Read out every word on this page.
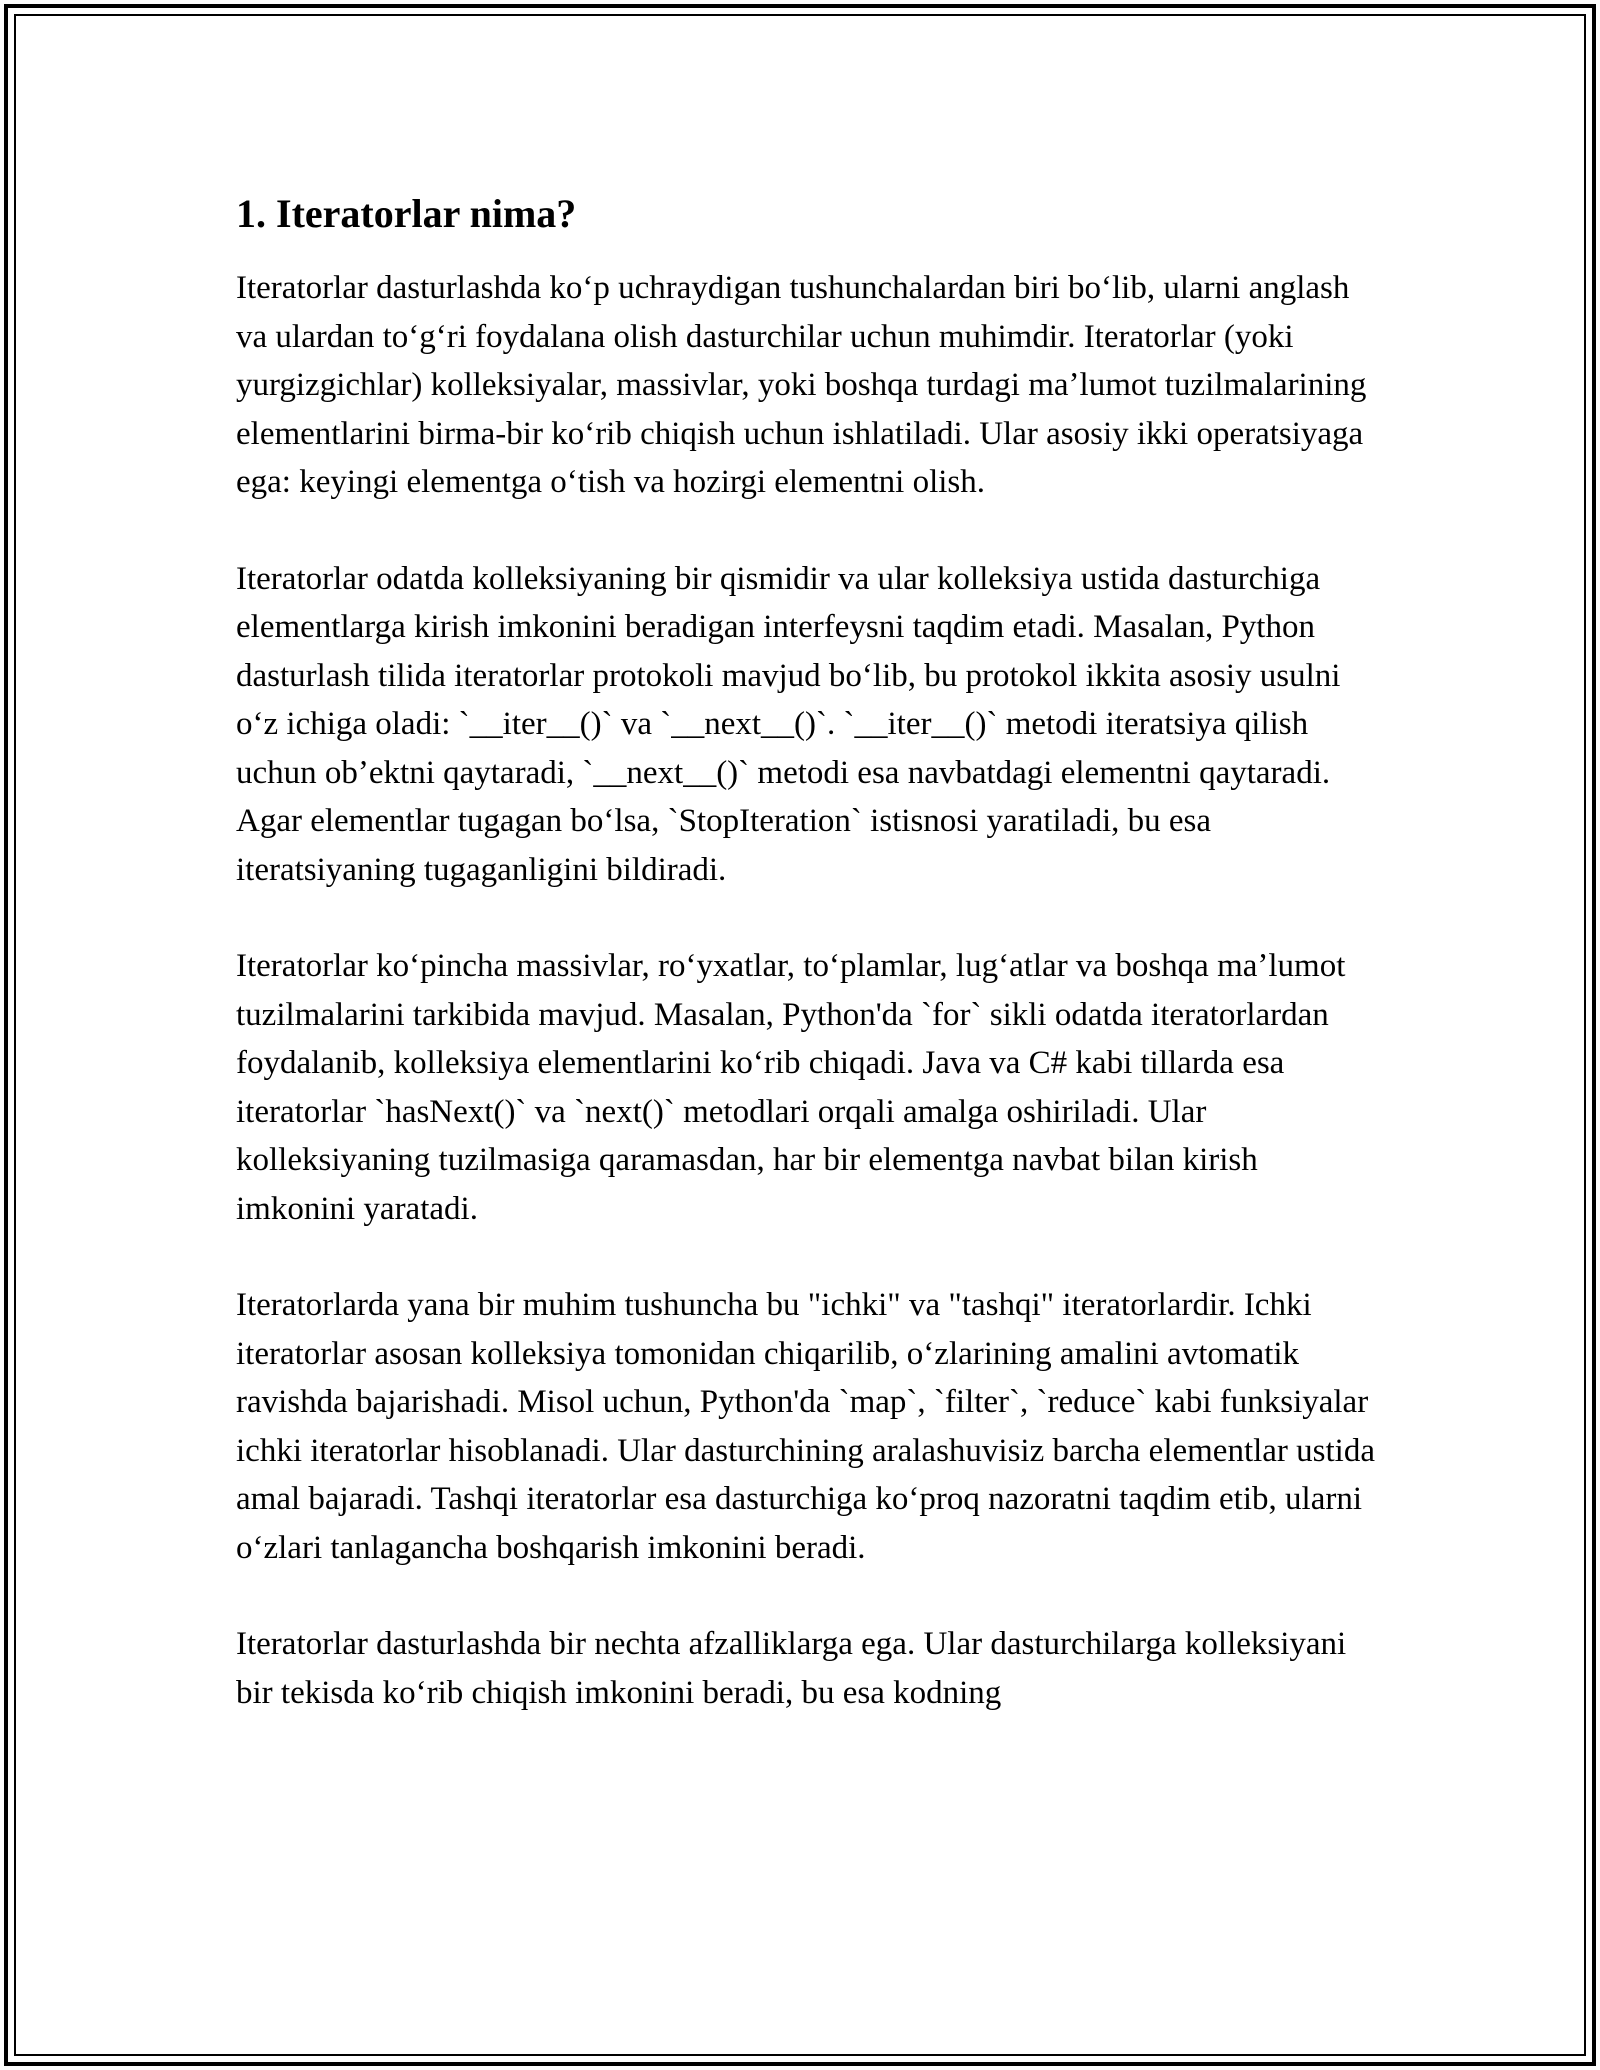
1. Iteratorlar nima?

Iteratorlar dasturlashda koʻp uchraydigan tushunchalardan biri boʻlib, ularni anglash va ulardan toʻgʻri foydalana olish dasturchilar uchun muhimdir. Iteratorlar (yoki yurgizgichlar) kolleksiyalar, massivlar, yoki boshqa turdagi maʼlumot tuzilmalarining elementlarini birma-bir koʻrib chiqish uchun ishlatiladi. Ular asosiy ikki operatsiyaga ega: keyingi elementga oʻtish va hozirgi elementni olish.

Iteratorlar odatda kolleksiyaning bir qismidir va ular kolleksiya ustida dasturchiga elementlarga kirish imkonini beradigan interfeysni taqdim etadi. Masalan, Python dasturlash tilida iteratorlar protokoli mavjud boʻlib, bu protokol ikkita asosiy usulni oʻz ichiga oladi: `__iter__()` va `__next__()`. `__iter__()` metodi iteratsiya qilish uchun obʼektni qaytaradi, `__next__()` metodi esa navbatdagi elementni qaytaradi. Agar elementlar tugagan boʻlsa, `StopIteration` istisnosi yaratiladi, bu esa iteratsiyaning tugaganligini bildiradi.

Iteratorlar koʻpincha massivlar, roʻyxatlar, toʻplamlar, lugʻatlar va boshqa maʼlumot tuzilmalarini tarkibida mavjud. Masalan, Python'da `for` sikli odatda iteratorlardan foydalanib, kolleksiya elementlarini koʻrib chiqadi. Java va C# kabi tillarda esa iteratorlar `hasNext()` va `next()` metodlari orqali amalga oshiriladi. Ular kolleksiyaning tuzilmasiga qaramasdan, har bir elementga navbat bilan kirish imkonini yaratadi.

Iteratorlarda yana bir muhim tushuncha bu "ichki" va "tashqi" iteratorlardir. Ichki iteratorlar asosan kolleksiya tomonidan chiqarilib, oʻzlarining amalini avtomatik ravishda bajarishadi. Misol uchun, Python'da `map`, `filter`, `reduce` kabi funksiyalar ichki iteratorlar hisoblanadi. Ular dasturchining aralashuvisiz barcha elementlar ustida amal bajaradi. Tashqi iteratorlar esa dasturchiga koʻproq nazoratni taqdim etib, ularni oʻzlari tanlagancha boshqarish imkonini beradi.

Iteratorlar dasturlashda bir nechta afzalliklarga ega. Ular dasturchilarga kolleksiyani bir tekisda koʻrib chiqish imkonini beradi, bu esa kodning
